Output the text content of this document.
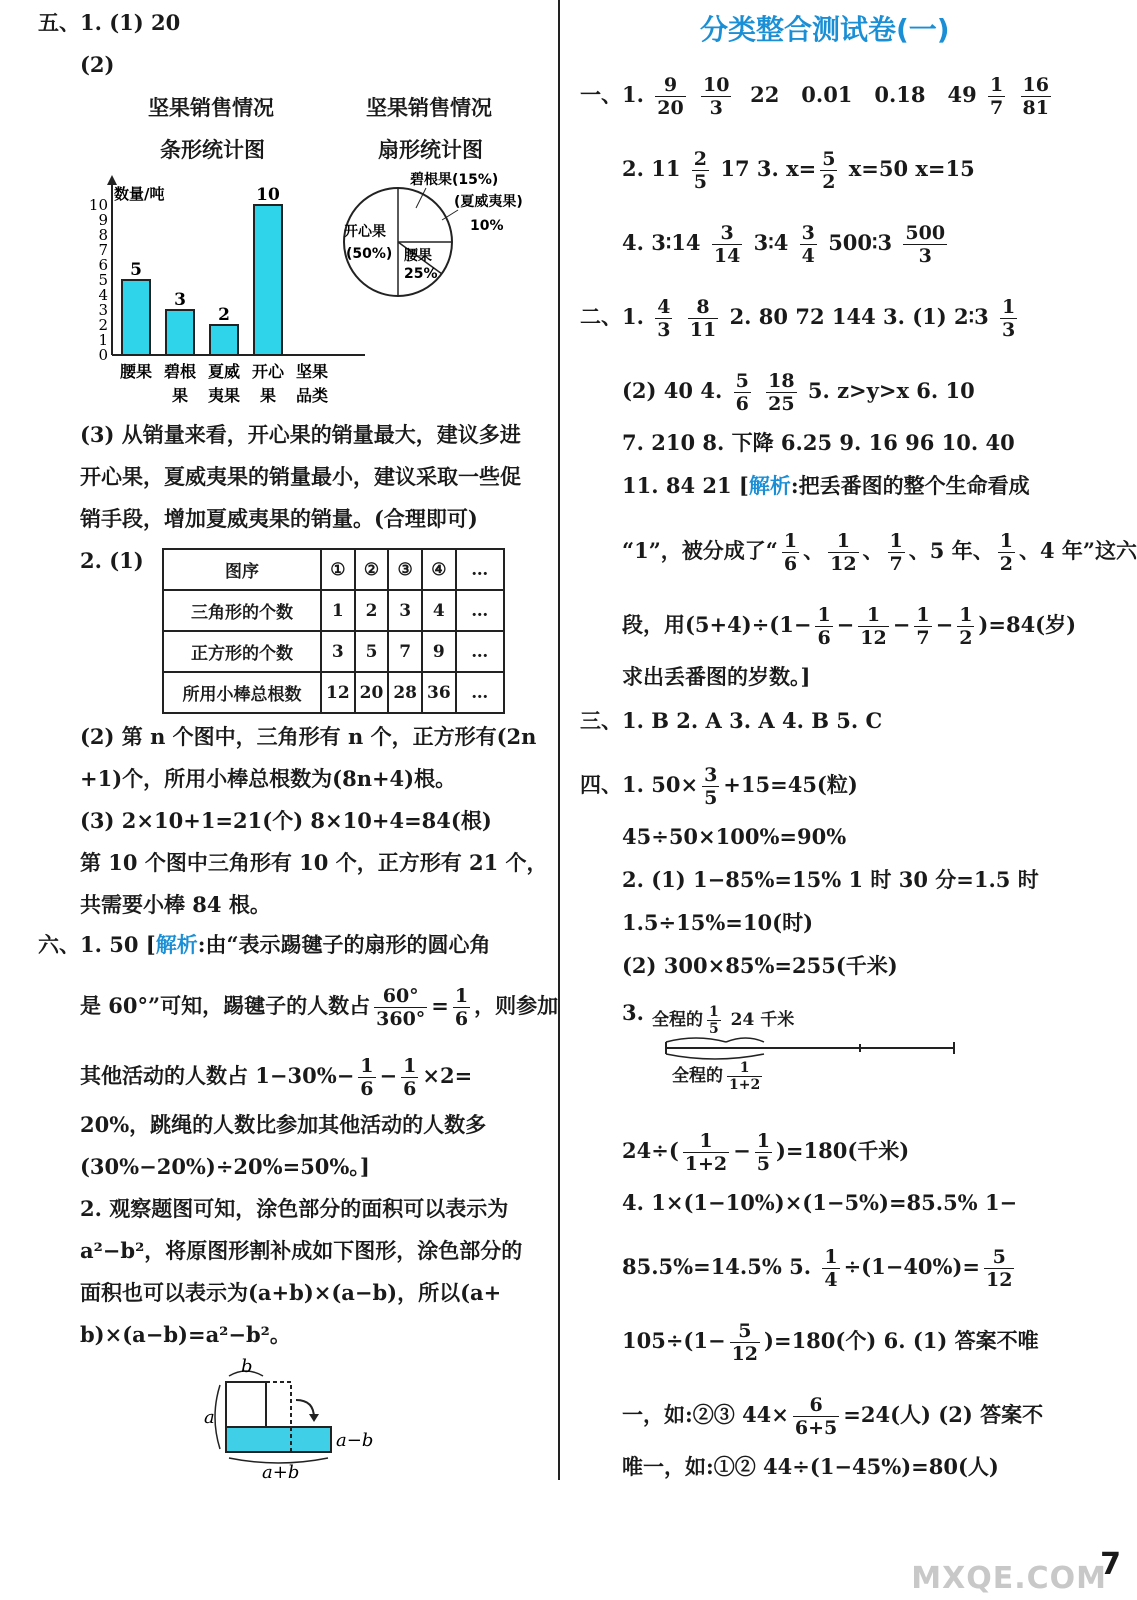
五、1. (1) 20
(2)
坚果销售情况
条形统计图
坚果销售情况
扇形统计图
0
1
2
3
4
5
6
7
8
9
10
数量/吨
5
腰果
3
碧根
果
2
夏威
夷果
10
开心
果
坚果
品类
开心果
(50%) 腰果
25%
(夏威夷果)
10%
碧根果(15%)
(3) 从销量来看，开心果的销量最大，建议多进
开心果，夏威夷果的销量最小，建议采取一些促
销手段，增加夏威夷果的销量。(合理即可)
2. (1)	图序	①	②	③	④	…
三角形的个数	1	2	3	4	…
正方形的个数	3	5	7	9	…
所用小棒总根数	12	20	28	36	…
(2) 第 n 个图中，三角形有 n 个，正方形有(2n
+1)个，所用小棒总根数为(8n+4)根。
(3) 2×10+1=21(个) 8×10+4=84(根)
第 10 个图中三角形有 10 个，正方形有 21 个，
共需要小棒 84 根。
六、1. 50 [解析:由“表示踢毽子的扇形的圆心角
是 60°”可知，踢毽子的人数占 $\frac{60^\circ}{360^\circ} = \frac{1}{6}$ ，则参加
其他活动的人数占 $1-30\%- \frac{1}{6} - \frac{1}{6} \times 2=$
20%，跳绳的人数比参加其他活动的人数多
(30%−20%)÷20%=50%。]
2. 观察题图可知，涂色部分的面积可以表示为
a²−b²，将原图形割补成如下图形，涂色部分的
面积也可以表示为(a+b)×(a−b)，所以(a+
b)×(a−b)=a²−b²。
b
a
a−b
a+b
分类整合测试卷(一)
一、1. $\frac{9}{20}$
$\frac{10}{3} 22$ 0.01 0.18 $49 \frac{1}{7}$
$\frac{16}{81}$
2. $11 \frac{2}{5} 17$ 3. $x= \frac{5}{2} x=50$ x=15
4. 3∶14 $\frac{3}{14}$ 3∶4 $\frac{3}{4}$ 500∶3 $\frac{500}{3}$
二、1. $\frac{4}{3}$
$\frac{8}{11} 2$. 80 72 144 3. (1) 2∶3 $\frac{1}{3}$
(2) 40 4. $\frac{5}{6}$
$\frac{18}{25} 5$. z>y>x 6. 10
7. 210 8. 下降 6.25 9. 16 96 10. 40
11. 84 21 [解析:把丢番图的整个生命看成
“1”，被分成了“ $\frac{1}{6}$ 、 $\frac{1}{12}$ 、 $\frac{1}{7}$ 、5 年、 $\frac{1}{2}$ 、4 年”这六
段，用$(5+4)\div(1- \frac{1}{6} - \frac{1}{12} - \frac{1}{7} - \frac{1}{2} )=84$(岁)
求出丢番图的岁数。]
三、1. B 2. A 3. A 4. B 5. C
四、1. $50\times \frac{3}{5} +15=45$(粒)
45÷50×100%=90%
2. (1) 1−85%=15% 1 时 30 分=1.5 时
1.5÷15%=10(时)
(2) 300×85%=255(千米)
3. 全程的 $\frac{1}{5} 24$ 千米
全程的 $\frac{1}{1+2}$
$24\div( \frac{1}{1+2} - \frac{1}{5} )=180$(千米)
4. 1×(1−10%)×(1−5%)=85.5% 1−
85.5%=14.5% 5. $\frac{1}{4} \div(1-40\%)= \frac{5}{12}$
$105\div(1- \frac{5}{12} )=180$(个) 6. (1) 答案不唯
一，如:②③ $44\times \frac{6}{6+5} =24$(人) (2) 答案不
唯一，如:①② 44÷(1−45%)=80(人)
MXQE.COM
7
